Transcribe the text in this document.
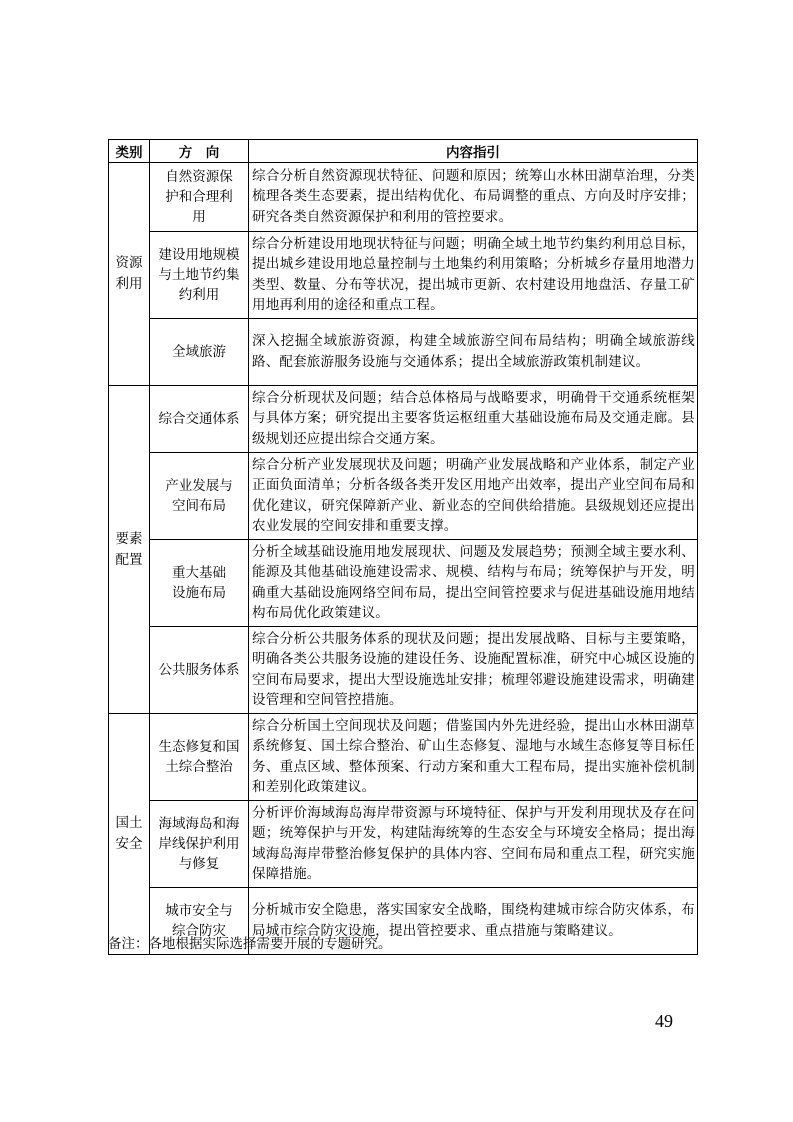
类别	方　向	内容指引
资源利用	自然资源保护和合理利用	综合分析自然资源现状特征、问题和原因；统筹山水林田湖草治理，分类梳理各类生态要素，提出结构优化、布局调整的重点、方向及时序安排；研究各类自然资源保护和利用的管控要求。
	建设用地规模与土地节约集约利用	综合分析建设用地现状特征与问题；明确全域土地节约集约利用总目标，提出城乡建设用地总量控制与土地集约利用策略；分析城乡存量用地潜力类型、数量、分布等状况，提出城市更新、农村建设用地盘活、存量工矿用地再利用的途径和重点工程。
	全域旅游	深入挖掘全域旅游资源，构建全域旅游空间布局结构；明确全域旅游线路、配套旅游服务设施与交通体系；提出全域旅游政策机制建议。
要素配置	综合交通体系	综合分析现状及问题；结合总体格局与战略要求，明确骨干交通系统框架与具体方案；研究提出主要客货运枢纽重大基础设施布局及交通走廊。县级规划还应提出综合交通方案。
	产业发展与空间布局	综合分析产业发展现状及问题；明确产业发展战略和产业体系，制定产业正面负面清单；分析各级各类开发区用地产出效率，提出产业空间布局和优化建议，研究保障新产业、新业态的空间供给措施。县级规划还应提出农业发展的空间安排和重要支撑。
	重大基础设施布局	分析全域基础设施用地发展现状、问题及发展趋势；预测全域主要水利、能源及其他基础设施建设需求、规模、结构与布局；统筹保护与开发，明确重大基础设施网络空间布局，提出空间管控要求与促进基础设施用地结构布局优化政策建议。
	公共服务体系	综合分析公共服务体系的现状及问题；提出发展战略、目标与主要策略，明确各类公共服务设施的建设任务、设施配置标准，研究中心城区设施的空间布局要求，提出大型设施选址安排；梳理邻避设施建设需求，明确建设管理和空间管控措施。
国土安全	生态修复和国土综合整治	综合分析国土空间现状及问题；借鉴国内外先进经验，提出山水林田湖草系统修复、国土综合整治、矿山生态修复、湿地与水域生态修复等目标任务、重点区域、整体预案、行动方案和重大工程布局，提出实施补偿机制和差别化政策建议。
	海域海岛和海岸线保护利用与修复	分析评价海域海岛海岸带资源与环境特征、保护与开发利用现状及存在问题；统筹保护与开发，构建陆海统筹的生态安全与环境安全格局；提出海域海岛海岸带整治修复保护的具体内容、空间布局和重点工程，研究实施保障措施。
	城市安全与综合防灾	分析城市安全隐患，落实国家安全战略，围绕构建城市综合防灾体系，布局城市综合防灾设施，提出管控要求、重点措施与策略建议。
备注：各地根据实际选择需要开展的专题研究。
49
